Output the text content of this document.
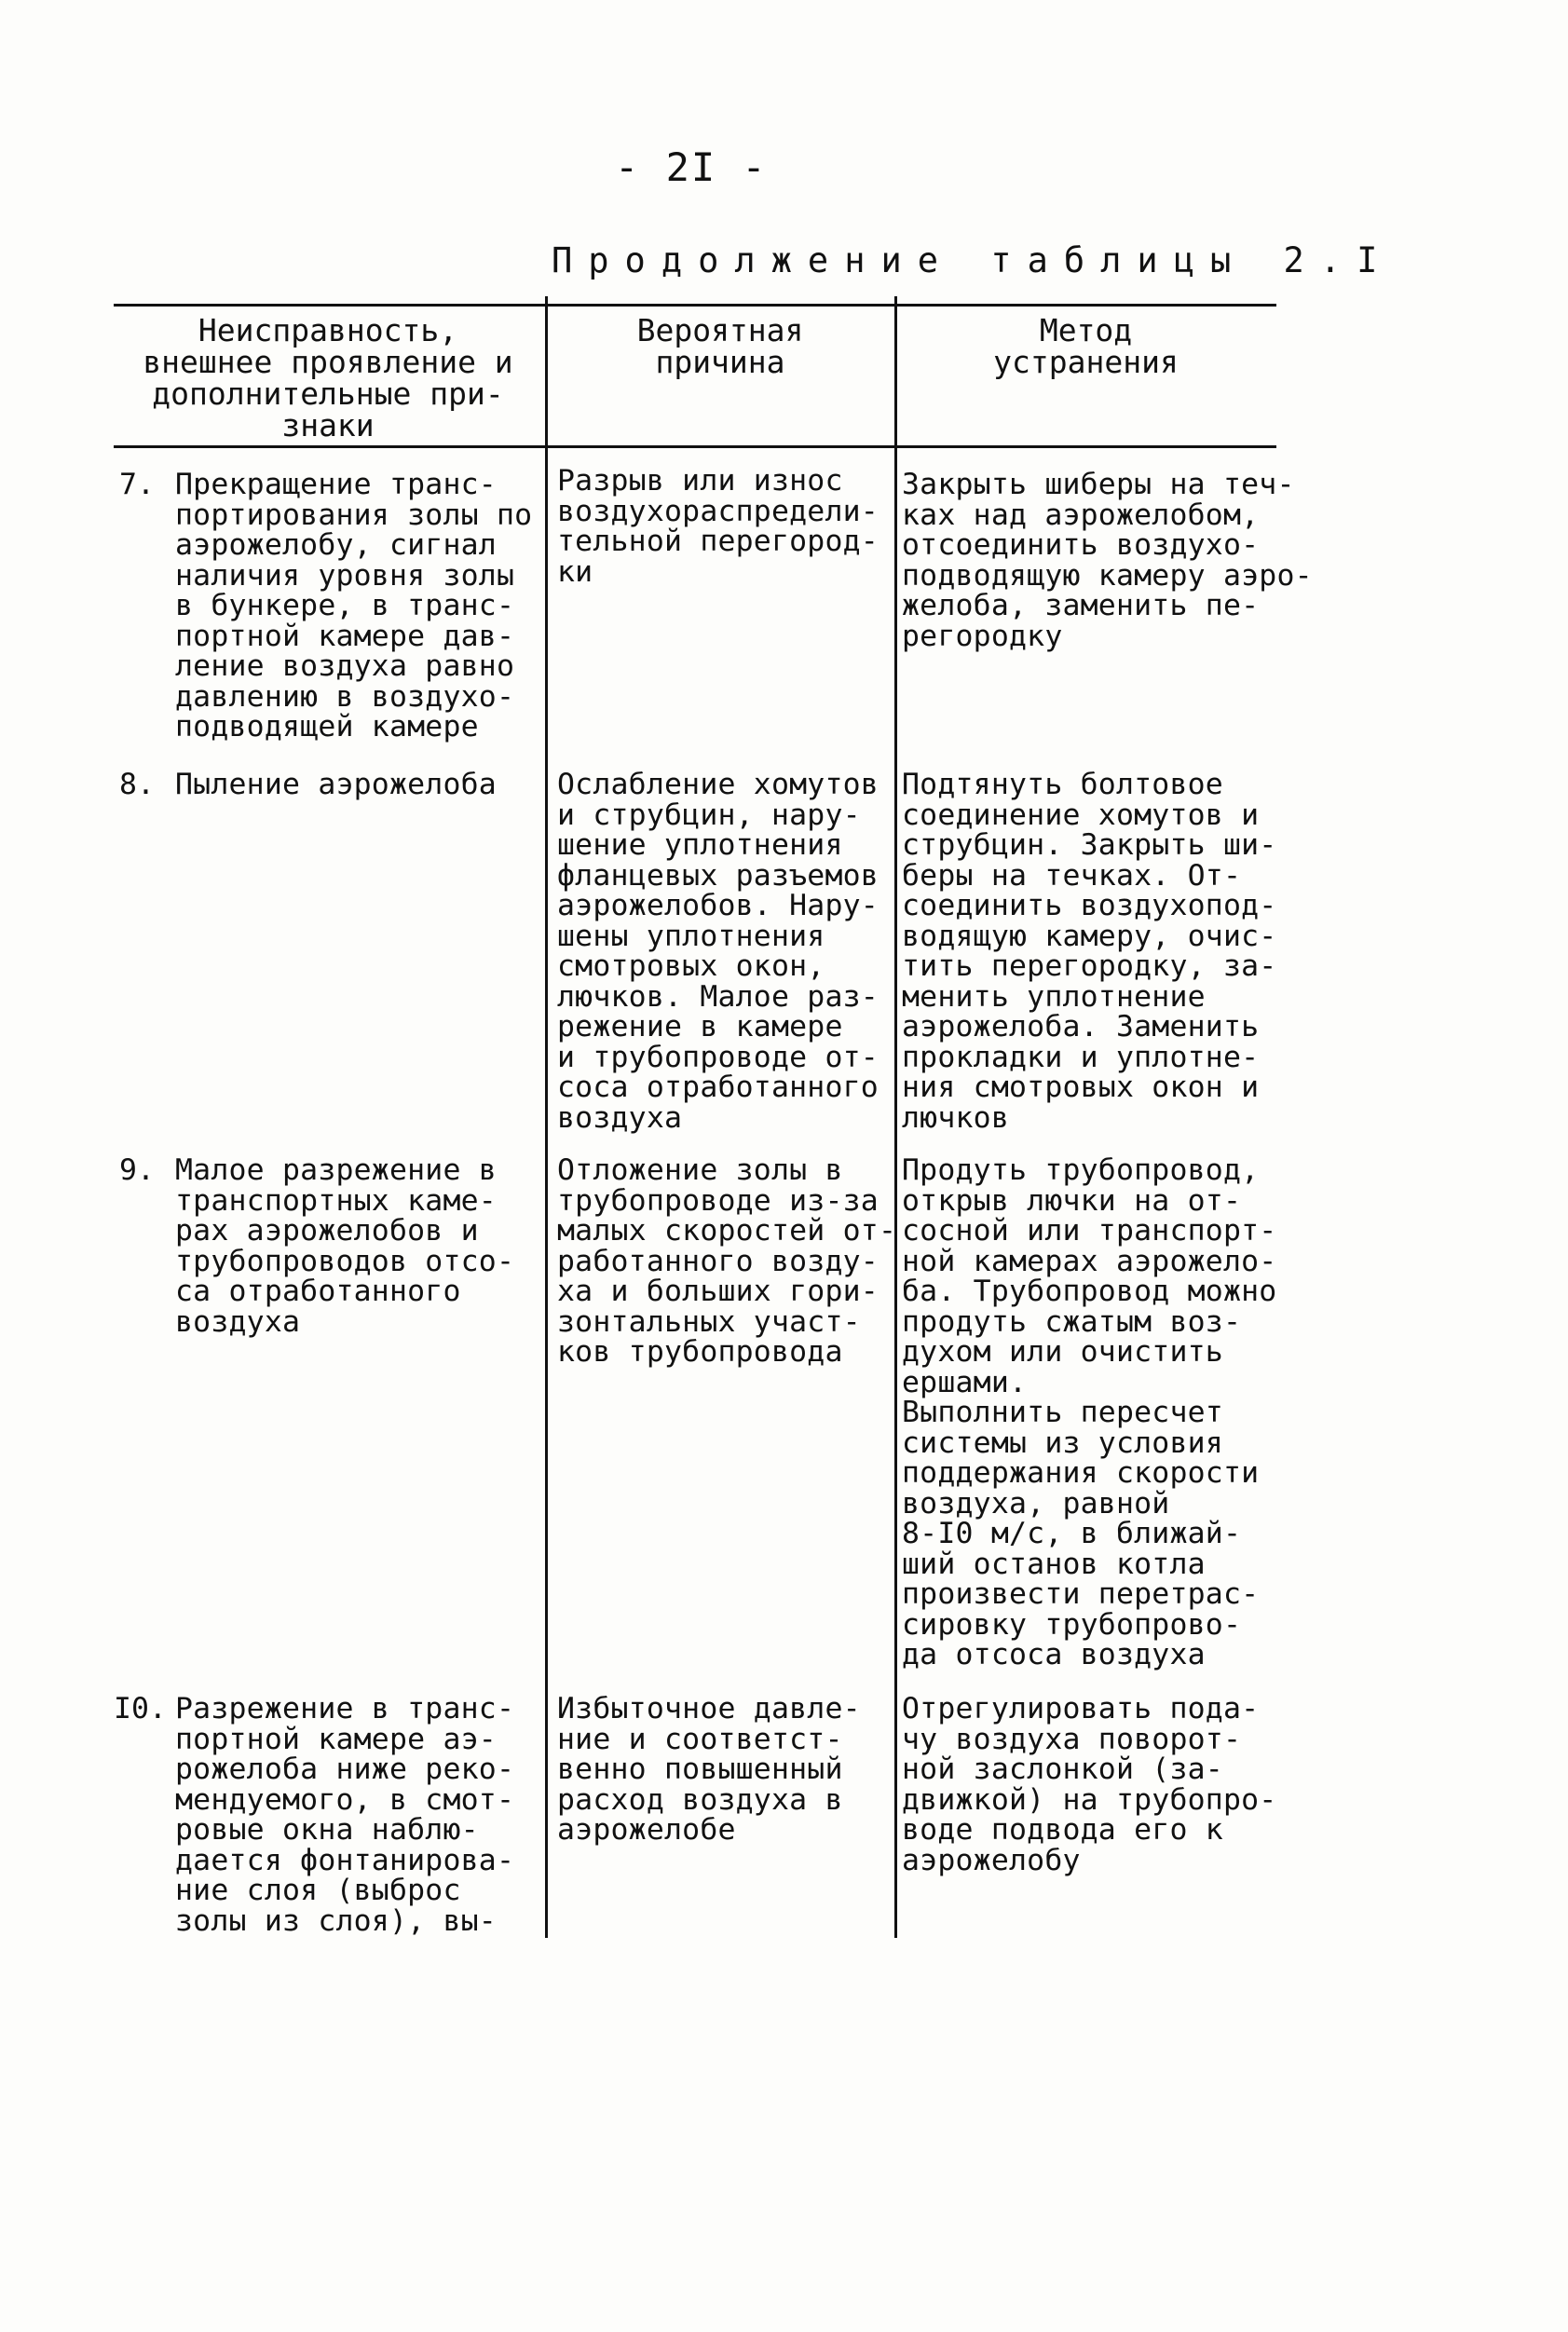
- 2I -
Продолжение таблицы 2.I
Неисправность,
внешнее проявление и
дополнительные при-
знаки
Вероятная
причина
Метод
устранения
7. Прекращение транс-
портирования золы по
аэрожелобу, сигнал
наличия уровня золы
в бункере, в транс-
портной камере дав-
ление воздуха равно
давлению в воздухо-
подводящей камере
Разрыв или износ
воздухораспредели-
тельной перегород-
ки
Закрыть шиберы на теч-
ках над аэрожелобом,
отсоединить воздухо-
подводящую камеру аэро-
желоба, заменить пе-
регородку
8. Пыление аэрожелоба Ослабление хомутов
и струбцин, нару-
шение уплотнения
фланцевых разъемов
аэрожелобов. Нару-
шены уплотнения
смотровых окон,
лючков. Малое раз-
режение в камере
и трубопроводе от-
соса отработанного
воздуха
Подтянуть болтовое
соединение хомутов и
струбцин. Закрыть ши-
беры на течках. От-
соединить воздухопод-
водящую камеру, очис-
тить перегородку, за-
менить уплотнение
аэрожелоба. Заменить
прокладки и уплотне-
ния смотровых окон и
лючков
9. Малое разрежение в
транспортных каме-
рах аэрожелобов и
трубопроводов отсо-
са отработанного
воздуха
Отложение золы в
трубопроводе из-за
малых скоростей от-
работанного возду-
ха и больших гори-
зонтальных участ-
ков трубопровода
Продуть трубопровод,
открыв лючки на от-
сосной или транспорт-
ной камерах аэрожело-
ба. Трубопровод можно
продуть сжатым воз-
духом или очистить
ершами.
Выполнить пересчет
системы из условия
поддержания скорости
воздуха, равной
8-I0 м/с, в ближай-
ший останов котла
произвести перетрас-
сировку трубопрово-
да отсоса воздуха
I0. Разрежение в транс-
портной камере аэ-
рожелоба ниже реко-
мендуемого, в смот-
ровые окна наблю-
дается фонтанирова-
ние слоя (выброс
золы из слоя), вы-
Избыточное давле-
ние и соответст-
венно повышенный
расход воздуха в
аэрожелобе
Отрегулировать пода-
чу воздуха поворот-
ной заслонкой (за-
движкой) на трубопро-
воде подвода его к
аэрожелобу
